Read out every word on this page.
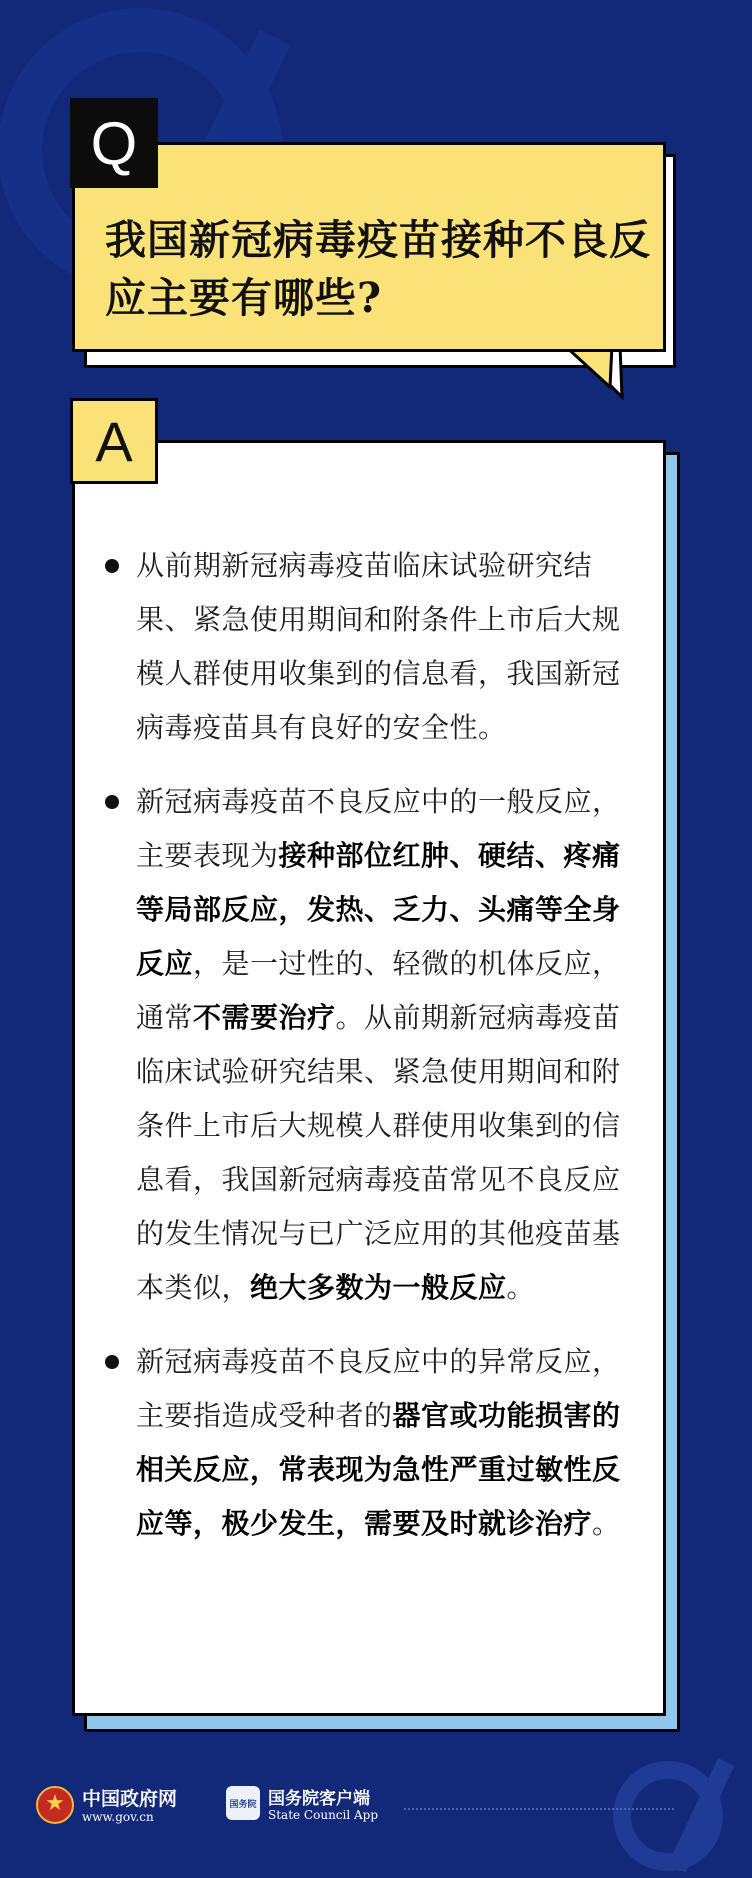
我国新冠病毒疫苗接种不良反应主要有哪些?
Q
从前期新冠病毒疫苗临床试验研究结果、紧急使用期间和附条件上市后大规模人群使用收集到的信息看，我国新冠病毒疫苗具有良好的安全性。
新冠病毒疫苗不良反应中的一般反应，主要表现为接种部位红肿、硬结、疼痛等局部反应，发热、乏力、头痛等全身反应，是一过性的、轻微的机体反应，通常不需要治疗。从前期新冠病毒疫苗临床试验研究结果、紧急使用期间和附条件上市后大规模人群使用收集到的信息看，我国新冠病毒疫苗常见不良反应的发生情况与已广泛应用的其他疫苗基本类似，绝大多数为一般反应。
新冠病毒疫苗不良反应中的异常反应，主要指造成受种者的器官或功能损害的相关反应，常表现为急性严重过敏性反应等，极少发生，需要及时就诊治疗。
A
★ 中国政府网
www.gov.cn
国务院 国务院客户端
State Council App
